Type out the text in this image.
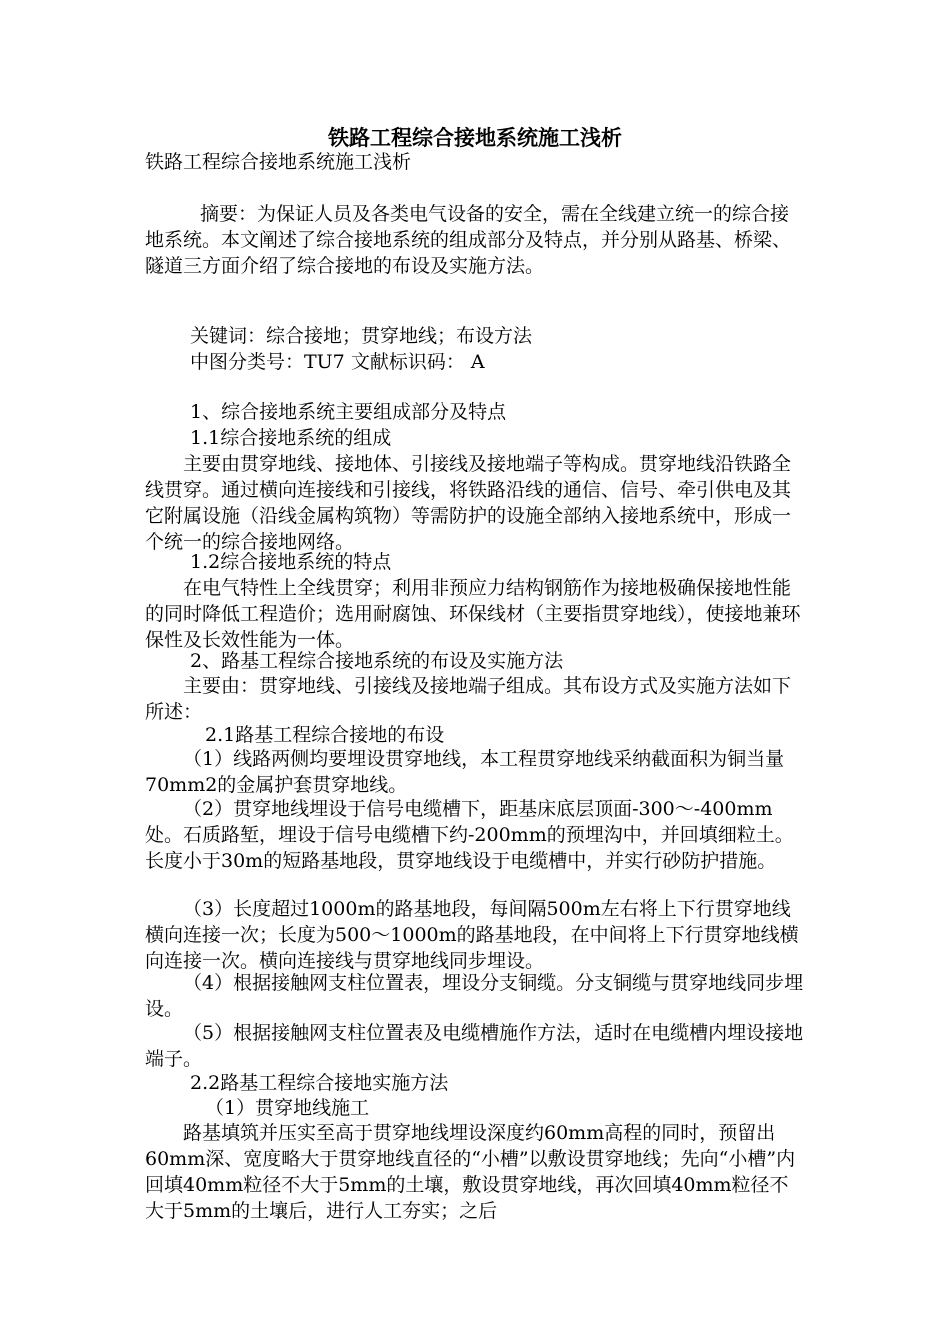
铁路工程综合接地系统施工浅析

铁路工程综合接地系统施工浅析

摘要：为保证人员及各类电气设备的安全，需在全线建立统一的综合接地系统。本文阐述了综合接地系统的组成部分及特点，并分别从路基、桥梁、隧道三方面介绍了综合接地的布设及实施方法。

关键词：综合接地；贯穿地线；布设方法

中图分类号：TU7 文献标识码： A

1、综合接地系统主要组成部分及特点

1.1综合接地系统的组成

主要由贯穿地线、接地体、引接线及接地端子等构成。贯穿地线沿铁路全线贯穿。通过横向连接线和引接线，将铁路沿线的通信、信号、牵引供电及其它附属设施（沿线金属构筑物）等需防护的设施全部纳入接地系统中，形成一个统一的综合接地网络。

1.2综合接地系统的特点

在电气特性上全线贯穿；利用非预应力结构钢筋作为接地极确保接地性能的同时降低工程造价；选用耐腐蚀、环保线材（主要指贯穿地线），使接地兼环保性及长效性能为一体。

2、路基工程综合接地系统的布设及实施方法

主要由：贯穿地线、引接线及接地端子组成。其布设方式及实施方法如下所述：

2.1路基工程综合接地的布设

（1）线路两侧均要埋设贯穿地线，本工程贯穿地线采纳截面积为铜当量70mm2的金属护套贯穿地线。

（2）贯穿地线埋设于信号电缆槽下，距基床底层顶面-300～-400mm处。石质路堑，埋设于信号电缆槽下约-200mm的预埋沟中，并回填细粒土。长度小于30m的短路基地段，贯穿地线设于电缆槽中，并实行砂防护措施。

（3）长度超过1000m的路基地段，每间隔500m左右将上下行贯穿地线横向连接一次；长度为500～1000m的路基地段，在中间将上下行贯穿地线横向连接一次。横向连接线与贯穿地线同步埋设。

（4）根据接触网支柱位置表，埋设分支铜缆。分支铜缆与贯穿地线同步埋设。

（5）根据接触网支柱位置表及电缆槽施作方法，适时在电缆槽内埋设接地端子。

2.2路基工程综合接地实施方法

（1）贯穿地线施工

路基填筑并压实至高于贯穿地线埋设深度约60mm高程的同时，预留出60mm深、宽度略大于贯穿地线直径的“小槽”以敷设贯穿地线；先向“小槽”内回填40mm粒径不大于5mm的土壤，敷设贯穿地线，再次回填40mm粒径不大于5mm的土壤后，进行人工夯实；之后
